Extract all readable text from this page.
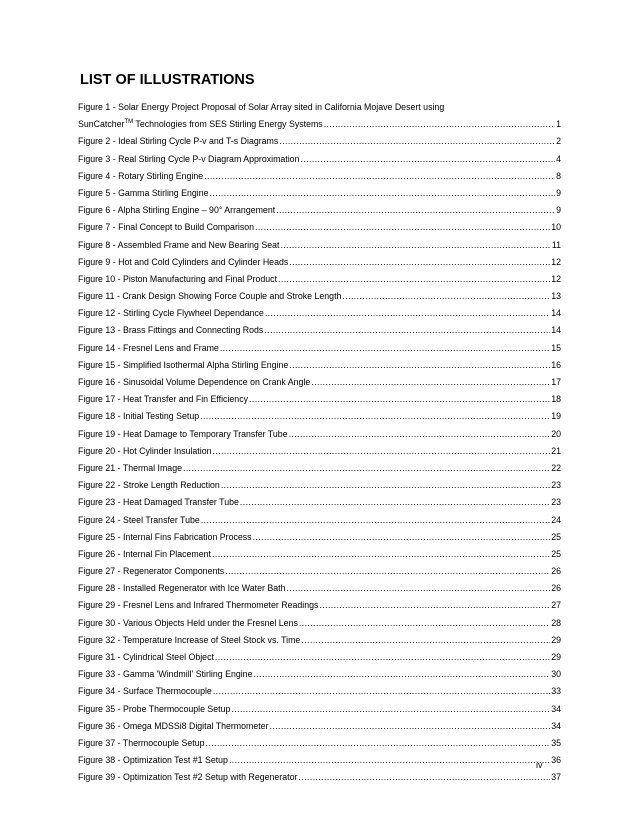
LIST OF ILLUSTRATIONS
Figure 1 - Solar Energy Project Proposal of Solar Array sited in California Mojave Desert using
SunCatcher™ Technologies from SES Stirling Energy Systems .....	1
Figure 2 - Ideal Stirling Cycle P-v and T-s Diagrams .....	2
Figure 3 - Real Stirling Cycle P-v Diagram Approximation .....	4
Figure 4 - Rotary Stirling Engine .....	8
Figure 5 - Gamma Stirling Engine .....	9
Figure 6 - Alpha Stirling Engine – 90° Arrangement .....	9
Figure 7 - Final Concept to Build Comparison .....	10
Figure 8 - Assembled Frame and New Bearing Seat .....	11
Figure 9 - Hot and Cold Cylinders and Cylinder Heads .....	12
Figure 10 - Piston Manufacturing and Final Product .....	12
Figure 11 - Crank Design Showing Force Couple and Stroke Length .....	13
Figure 12 - Stirling Cycle Flywheel Dependance .....	14
Figure 13 - Brass Fittings and Connecting Rods .....	14
Figure 14 - Fresnel Lens and Frame .....	15
Figure 15 - Simplified Isothermal Alpha Stirling Engine .....	16
Figure 16 - Sinusoidal Volume Dependence on Crank Angle .....	17
Figure 17 - Heat Transfer and Fin Efficiency .....	18
Figure 18 - Initial Testing Setup .....	19
Figure 19 - Heat Damage to Temporary Transfer Tube .....	20
Figure 20 - Hot Cylinder Insulation .....	21
Figure 21 - Thermal Image .....	22
Figure 22 - Stroke Length Reduction .....	23
Figure 23 - Heat Damaged Transfer Tube .....	23
Figure 24 - Steel Transfer Tube .....	24
Figure 25 - Internal Fins Fabrication Process .....	25
Figure 26 - Internal Fin Placement .....	25
Figure 27 - Regenerator Components .....	26
Figure 28 - Installed Regenerator with Ice Water Bath .....	26
Figure 29 - Fresnel Lens and Infrared Thermometer Readings .....	27
Figure 30 - Various Objects Held under the Fresnel Lens .....	28
Figure 32 - Temperature Increase of Steel Stock vs. Time .....	29
Figure 31 - Cylindrical Steel Object .....	29
Figure 33 - Gamma 'Windmill' Stirling Engine .....	30
Figure 34 - Surface Thermocouple .....	33
Figure 35 - Probe Thermocouple Setup .....	34
Figure 36 - Omega MDSSi8 Digital Thermometer .....	34
Figure 37 - Thermocouple Setup .....	35
Figure 38 - Optimization Test #1 Setup .....	36
Figure 39 - Optimization Test #2 Setup with Regenerator .....	37
iv
